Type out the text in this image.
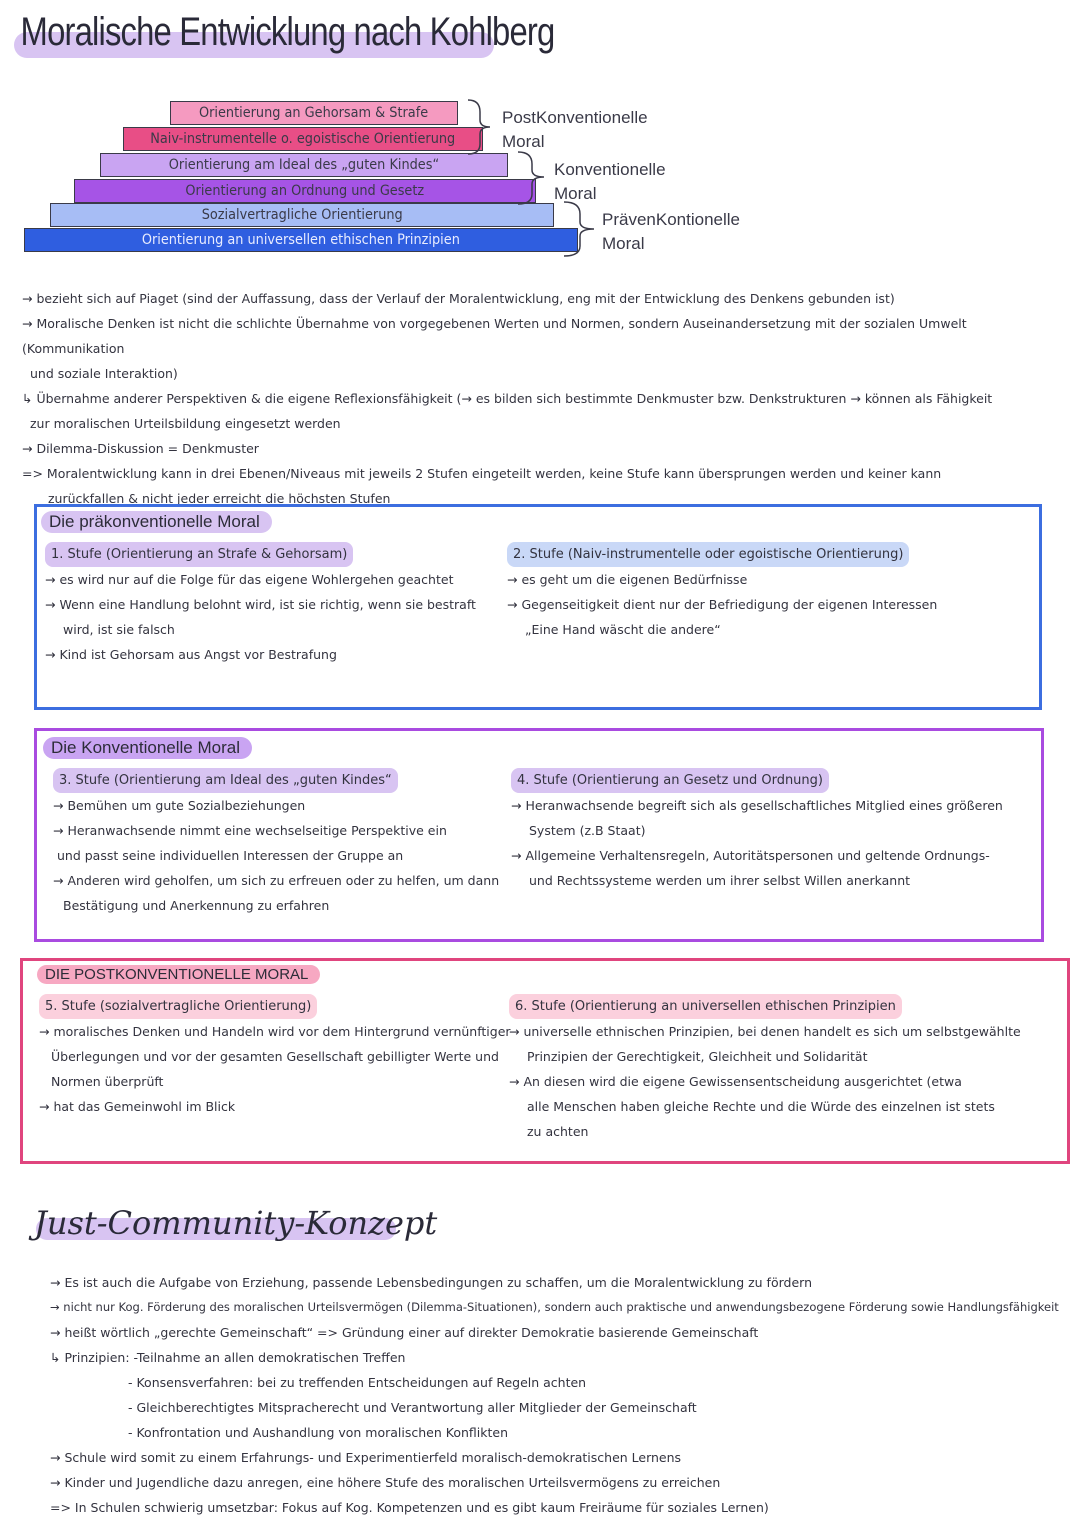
Moralische Entwicklung nach Kohlberg
Orientierung an Gehorsam & Strafe
Naiv-instrumentelle o. egoistische Orientierung
Orientierung am Ideal des „guten Kindes“
Orientierung an Ordnung und Gesetz
Sozialvertragliche Orientierung
Orientierung an universellen ethischen Prinzipien
PostKonventionelle
Moral
Konventionelle
Moral
PrävenKontionelle
Moral

→ bezieht sich auf Piaget (sind der Auffassung, dass der Verlauf der Moralentwicklung, eng mit der Entwicklung des Denkens gebunden ist)

→ Moralische Denken ist nicht die schlichte Übernahme von vorgegebenen Werten und Normen, sondern Auseinandersetzung mit der sozialen Umwelt (Kommunikation

und soziale Interaktion)

↳ Übernahme anderer Perspektiven & die eigene Reflexionsfähigkeit (→ es bilden sich bestimmte Denkmuster bzw. Denkstrukturen → können als Fähigkeit

zur moralischen Urteilsbildung eingesetzt werden

→ Dilemma-Diskussion = Denkmuster

=> Moralentwicklung kann in drei Ebenen/Niveaus mit jeweils 2 Stufen eingeteilt werden, keine Stufe kann übersprungen werden und keiner kann

zurückfallen & nicht jeder erreicht die höchsten Stufen

Die präkonventionelle Moral

1. Stufe (Orientierung an Strafe & Gehorsam)

→ es wird nur auf die Folge für das eigene Wohlergehen geachtet

→ Wenn eine Handlung belohnt wird, ist sie richtig, wenn sie bestraft

wird, ist sie falsch

→ Kind ist Gehorsam aus Angst vor Bestrafung

2. Stufe (Naiv-instrumentelle oder egoistische Orientierung)

→ es geht um die eigenen Bedürfnisse

→ Gegenseitigkeit dient nur der Befriedigung der eigenen Interessen

„Eine Hand wäscht die andere“

Die Konventionelle Moral

3. Stufe (Orientierung am Ideal des „guten Kindes“

→ Bemühen um gute Sozialbeziehungen

→ Heranwachsende nimmt eine wechselseitige Perspektive ein

und passt seine individuellen Interessen der Gruppe an

→ Anderen wird geholfen, um sich zu erfreuen oder zu helfen, um dann

Bestätigung und Anerkennung zu erfahren

4. Stufe (Orientierung an Gesetz und Ordnung)

→ Heranwachsende begreift sich als gesellschaftliches Mitglied eines größeren

System (z.B Staat)

→ Allgemeine Verhaltensregeln, Autoritätspersonen und geltende Ordnungs-

und Rechtssysteme werden um ihrer selbst Willen anerkannt

DIE POSTKONVENTIONELLE MORAL

5. Stufe (sozialvertragliche Orientierung)

→ moralisches Denken und Handeln wird vor dem Hintergrund vernünftiger

Überlegungen und vor der gesamten Gesellschaft gebilligter Werte und

Normen überprüft

→ hat das Gemeinwohl im Blick

6. Stufe (Orientierung an universellen ethischen Prinzipien

→ universelle ethnischen Prinzipien, bei denen handelt es sich um selbstgewählte

Prinzipien der Gerechtigkeit, Gleichheit und Solidarität

→ An diesen wird die eigene Gewissensentscheidung ausgerichtet (etwa

alle Menschen haben gleiche Rechte und die Würde des einzelnen ist stets

zu achten

Just-Community-Konzept

→ Es ist auch die Aufgabe von Erziehung, passende Lebensbedingungen zu schaffen, um die Moralentwicklung zu fördern

→ nicht nur Kog. Förderung des moralischen Urteilsvermögen (Dilemma-Situationen), sondern auch praktische und anwendungsbezogene Förderung sowie Handlungsfähigkeit

→ heißt wörtlich „gerechte Gemeinschaft“ => Gründung einer auf direkter Demokratie basierende Gemeinschaft

↳ Prinzipien: -Teilnahme an allen demokratischen Treffen

- Konsensverfahren: bei zu treffenden Entscheidungen auf Regeln achten

- Gleichberechtigtes Mitspracherecht und Verantwortung aller Mitglieder der Gemeinschaft

- Konfrontation und Aushandlung von moralischen Konflikten

→ Schule wird somit zu einem Erfahrungs- und Experimentierfeld moralisch-demokratischen Lernens

→ Kinder und Jugendliche dazu anregen, eine höhere Stufe des moralischen Urteilsvermögens zu erreichen

=> In Schulen schwierig umsetzbar: Fokus auf Kog. Kompetenzen und es gibt kaum Freiräume für soziales Lernen)
